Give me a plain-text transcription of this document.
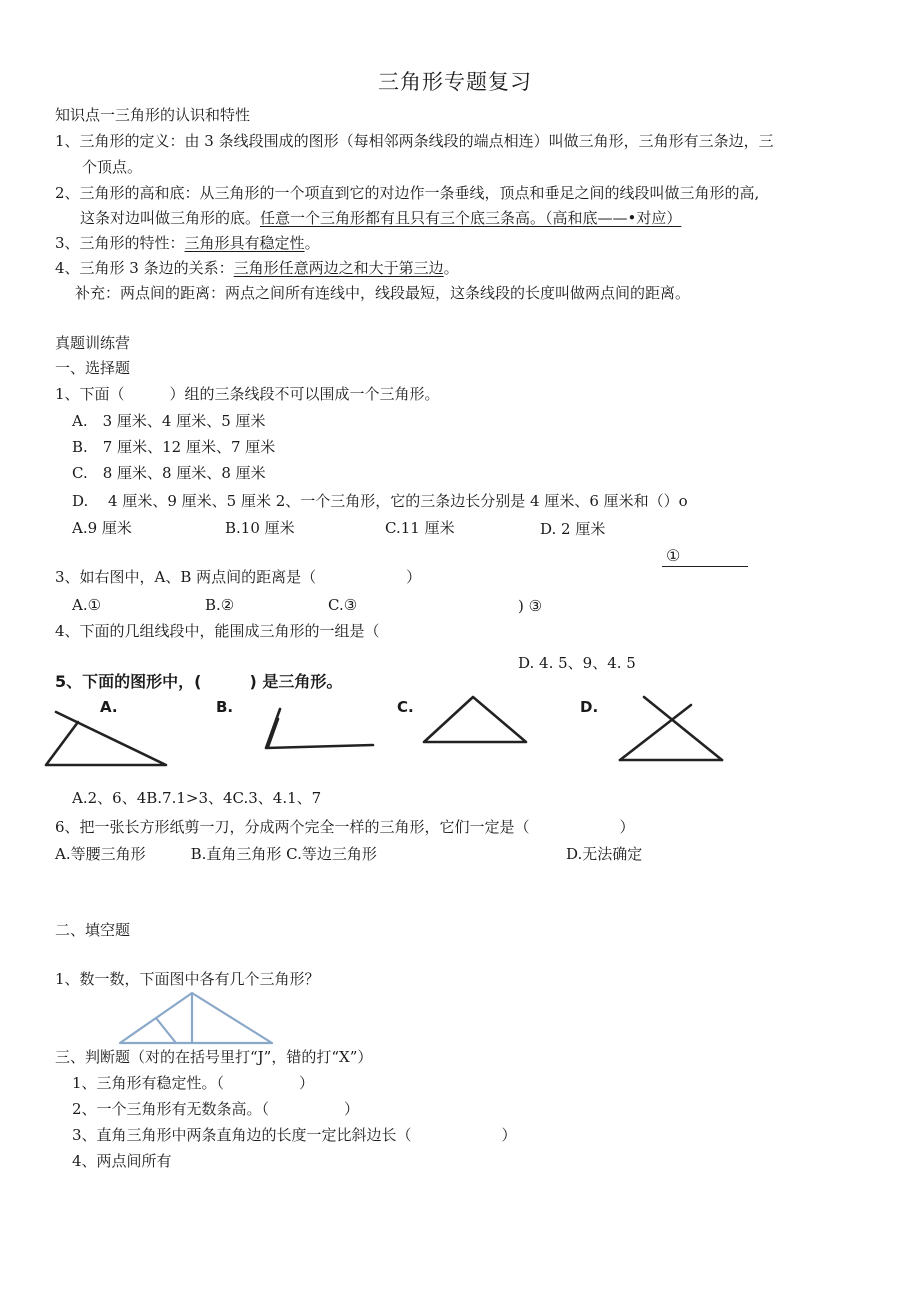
三角形专题复习
知识点一三角形的认识和特性
1、三角形的定义：由 3 条线段围成的图形（每相邻两条线段的端点相连）叫做三角形，三角形有三条边，三
个顶点。
2、三角形的高和底：从三角形的一个项直到它的对边作一条垂线，顶点和垂足之间的线段叫做三角形的高,
这条对边叫做三角形的底。任意一个三角形都有且只有三个底三条高。（高和底——•对应）
3、三角形的特性：三角形具有稳定性。
4、三角形 3 条边的关系：三角形任意两边之和大于第三边。
补充：两点间的距离：两点之间所有连线中，线段最短，这条线段的长度叫做两点间的距离。
真题训练营
一、选择题
1、下面（　　　）组的三条线段不可以围成一个三角形。
A.　3 厘米、4 厘米、5 厘米
B.　7 厘米、12 厘米、7 厘米
C.　8 厘米、8 厘米、8 厘米
D.　 4 厘米、9 厘米、5 厘米 2、一个三角形，它的三条边长分别是 4 厘米、6 厘米和（）o
A.9 厘米	B.10 厘米	C.11 厘米	D. 2 厘米
①
3、如右图中，A、B 两点间的距离是（　　　　　　）
A.①	B.②	C.③	) ③
4、下面的几组线段中，能围成三角形的一组是（
D. 4. 5、9、4. 5
5、下面的图形中，(　　　) 是三角形。
A.	B.	C.	D.
A.2、6、4B.7.1>3、4C.3、4.1、7
6、把一张长方形纸剪一刀，分成两个完全一样的三角形，它们一定是（　　　　　　）
A.等腰三角形　　　B.直角三角形 C.等边三角形	D.无法确定
二、填空题
1、数一数，下面图中各有几个三角形？
三、判断题（对的在括号里打“J”，错的打“X”）
1、三角形有稳定性。（　　　　　）
2、一个三角形有无数条高。（　　　　　）
3、直角三角形中两条直角边的长度一定比斜边长（　　　　　　）
4、两点间所有
